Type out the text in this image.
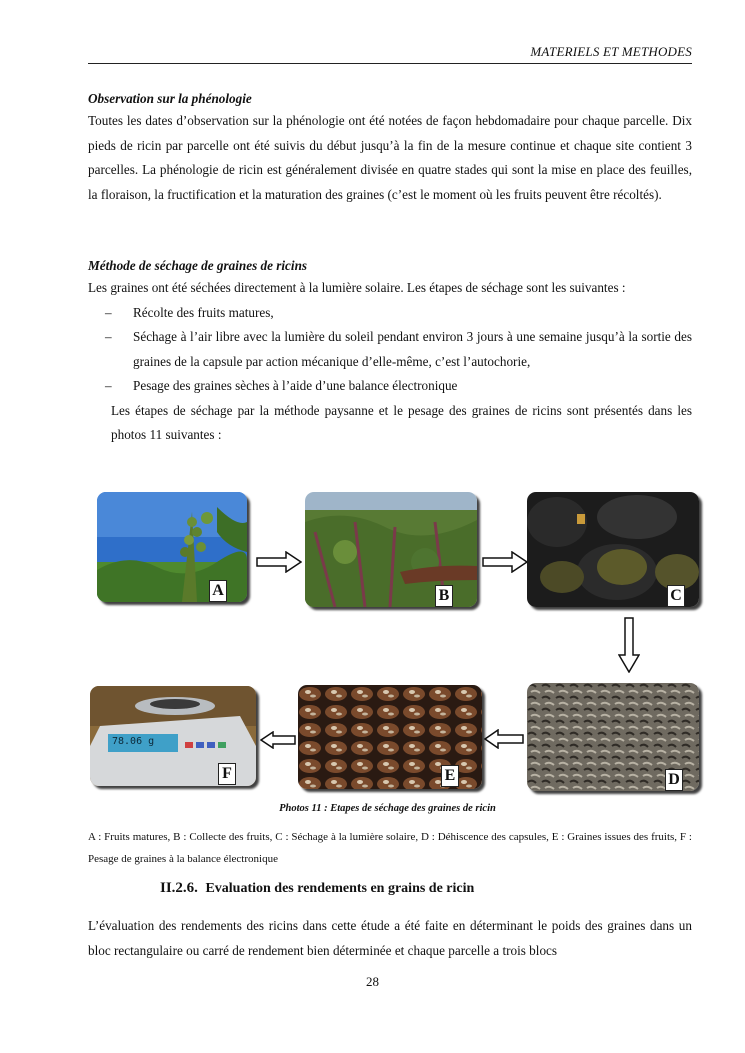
MATERIELS ET METHODES
Observation sur la phénologie

Toutes les dates d’observation sur la phénologie ont été notées de façon hebdomadaire pour chaque parcelle. Dix pieds de ricin par parcelle ont été suivis du début jusqu’à la fin de la mesure continue et chaque site contient 3 parcelles. La phénologie de ricin est généralement divisée en quatre stades qui sont la mise en place des feuilles, la floraison, la fructification et la maturation des graines (c’est le moment où les fruits peuvent être récoltés).

Méthode de séchage de graines de ricins

Les graines ont été séchées directement à la lumière solaire. Les étapes de séchage sont les suivantes :

– Récolte des fruits matures,
– Séchage à l’air libre avec la lumière du soleil pendant environ 3 jours à une semaine jusqu’à la sortie des graines de la capsule par action mécanique d’elle-même, c’est l’autochorie,
– Pesage des graines sèches à l’aide d’une balance électronique

Les étapes de séchage par la méthode paysanne et le pesage des graines de ricins sont présentés dans les photos 11 suivantes :

A	B	C
D
E
78.06 g
F
Photos 11 : Etapes de séchage des graines de ricin
A : Fruits matures, B : Collecte des fruits, C : Séchage à la lumière solaire, D : Déhiscence des capsules, E : Graines issues des fruits, F : Pesage de graines à la balance électronique
II.2.6. Evaluation des rendements en grains de ricin

L’évaluation des rendements des ricins dans cette étude a été faite en déterminant le poids des graines dans un bloc rectangulaire ou carré de rendement bien déterminée et chaque parcelle a trois blocs

28
